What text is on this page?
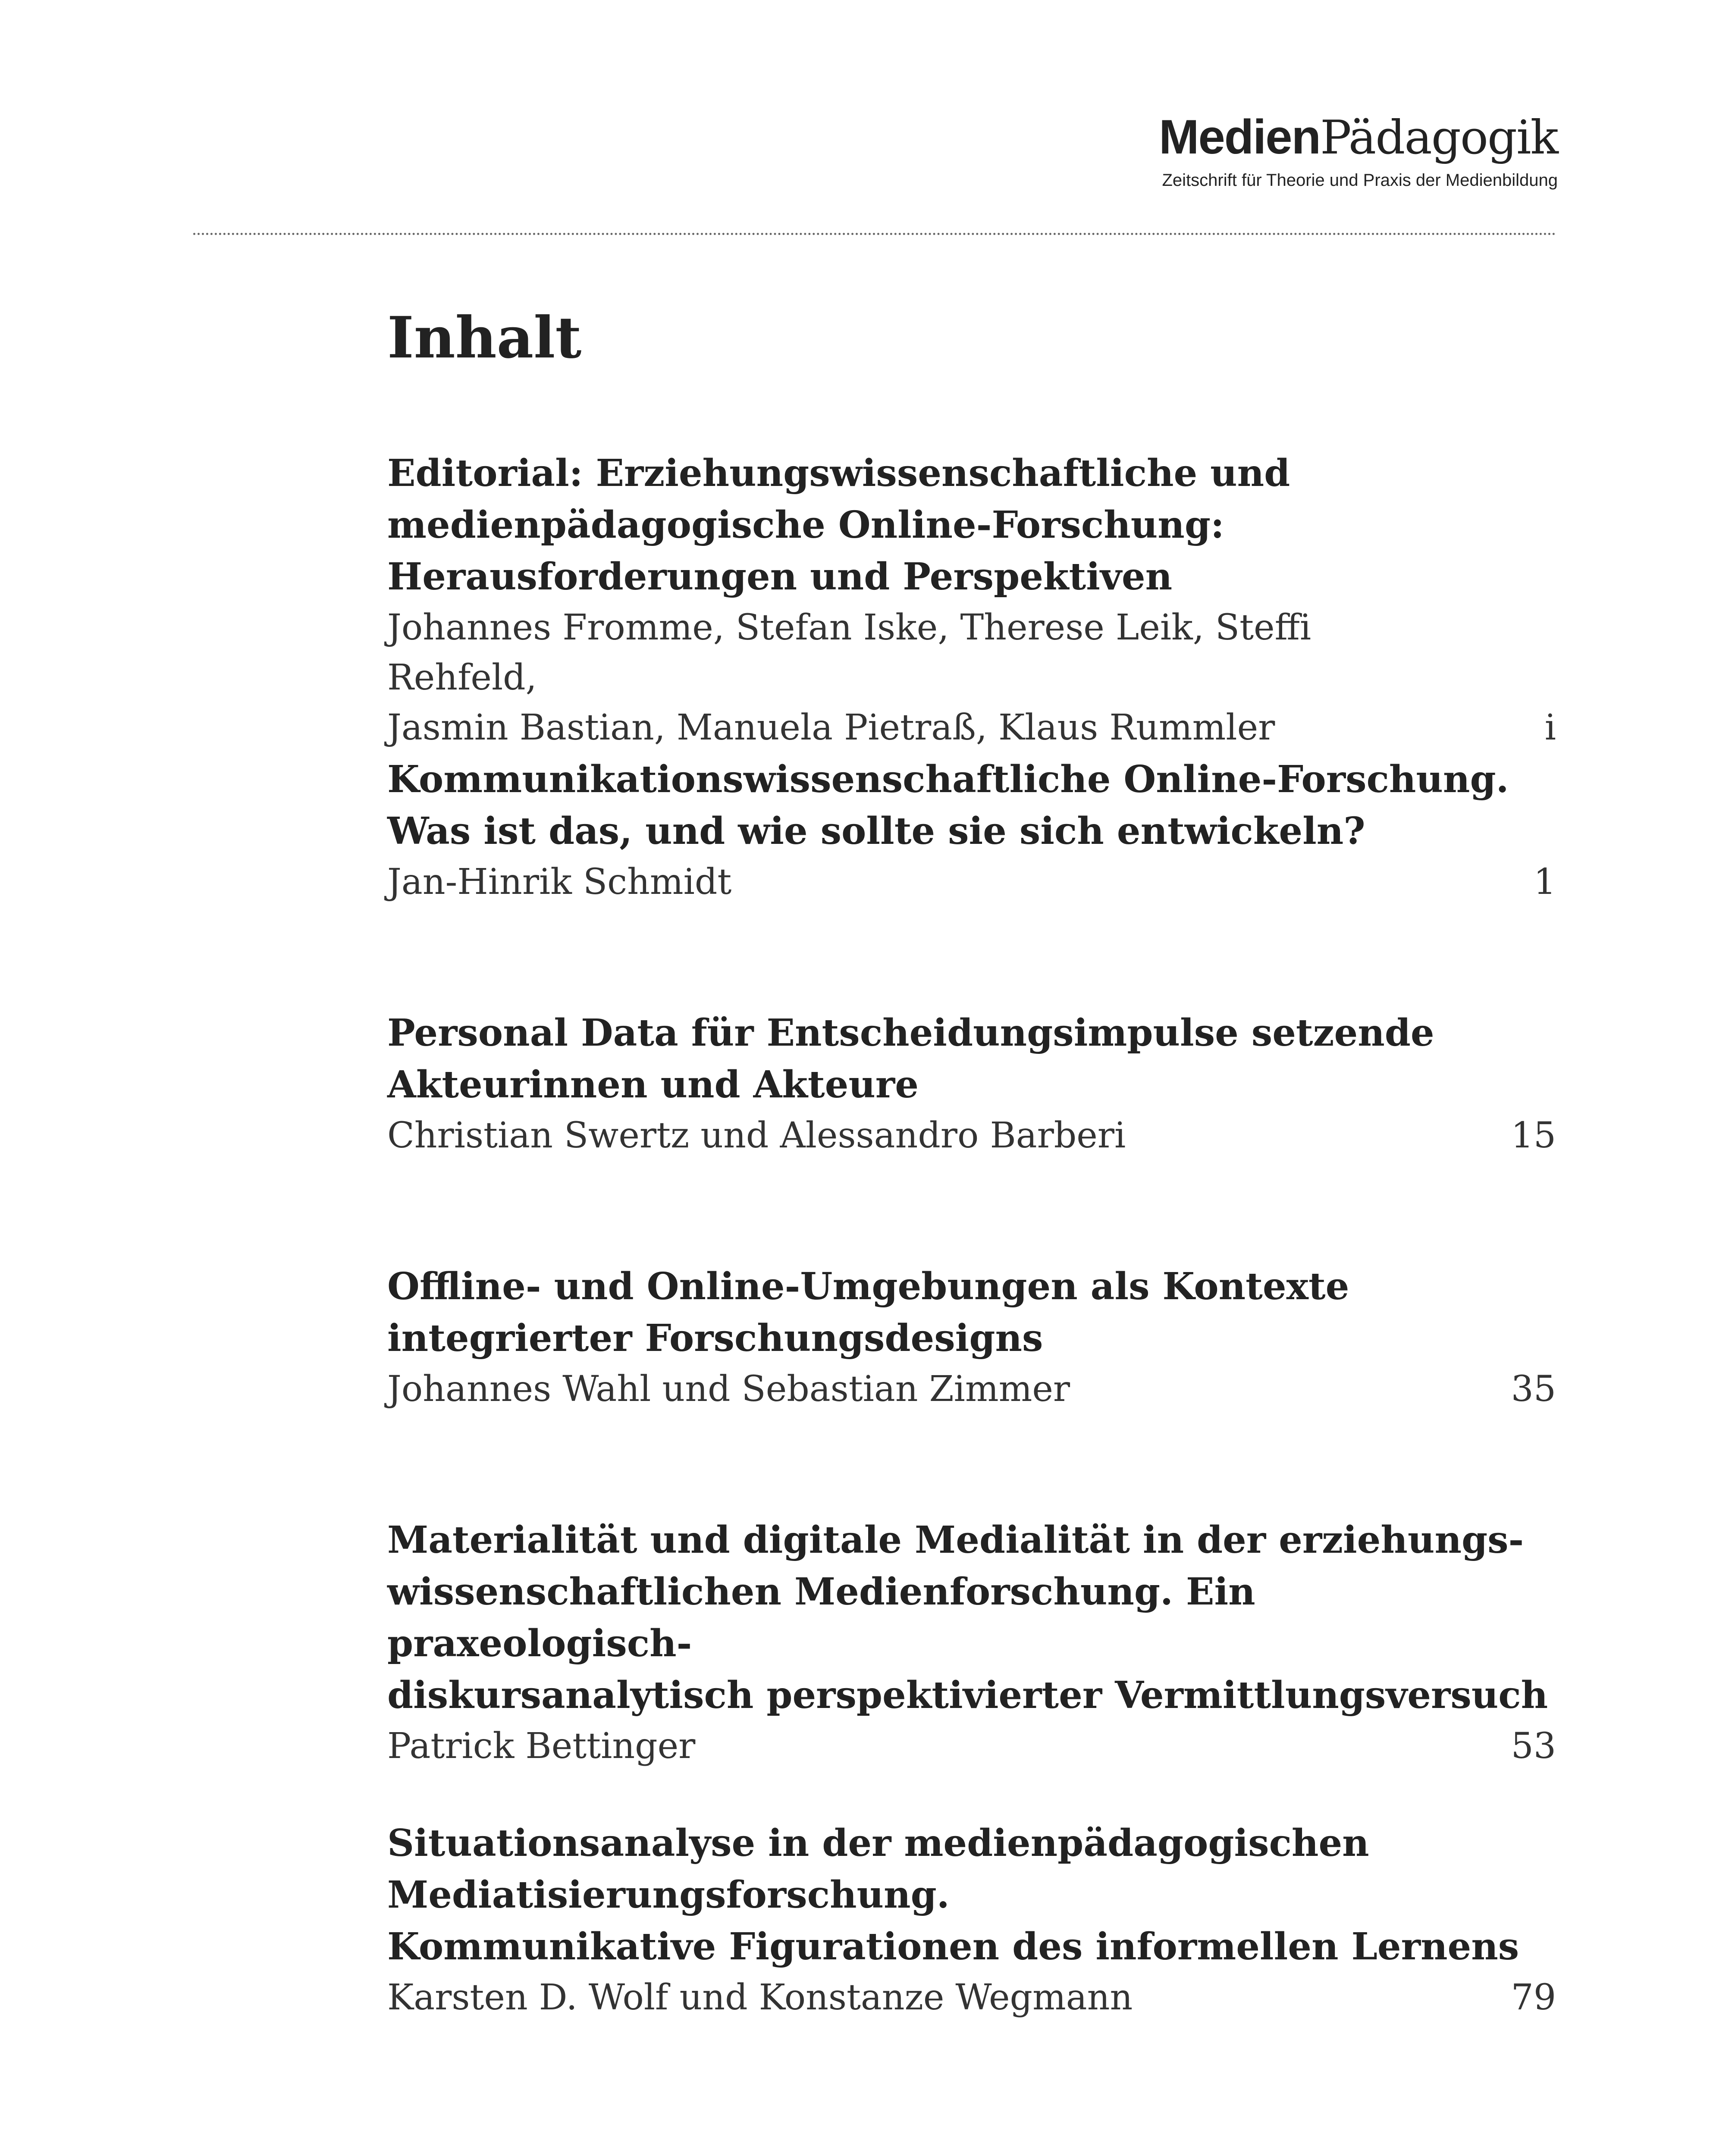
MedienPädagogik
Zeitschrift für Theorie und Praxis der Medienbildung
Inhalt
Editorial: Erziehungswissenschaftliche und
medienpädagogische Online-Forschung:
Herausforderungen und Perspektiven
Johannes Fromme, Stefan Iske, Therese Leik, Steffi Rehfeld,
Jasmin Bastian, Manuela Pietraß, Klaus Rummler	i
Kommunikationswissenschaftliche Online-Forschung.
Was ist das, und wie sollte sie sich entwickeln?
Jan-Hinrik Schmidt	1
Personal Data für Entscheidungsimpulse setzende
Akteurinnen und Akteure
Christian Swertz und Alessandro Barberi	15
Offline- und Online-Umgebungen als Kontexte
integrierter Forschungsdesigns
Johannes Wahl und Sebastian Zimmer	35
Materialität und digitale Medialität in der erziehungs-
wissenschaftlichen Medienforschung. Ein praxeologisch-
diskursanalytisch perspektivierter Vermittlungsversuch
Patrick Bettinger	53
Situationsanalyse in der medienpädagogischen
Mediatisierungsforschung.
Kommunikative Figurationen des informellen Lernens
Karsten D. Wolf und Konstanze Wegmann	79
